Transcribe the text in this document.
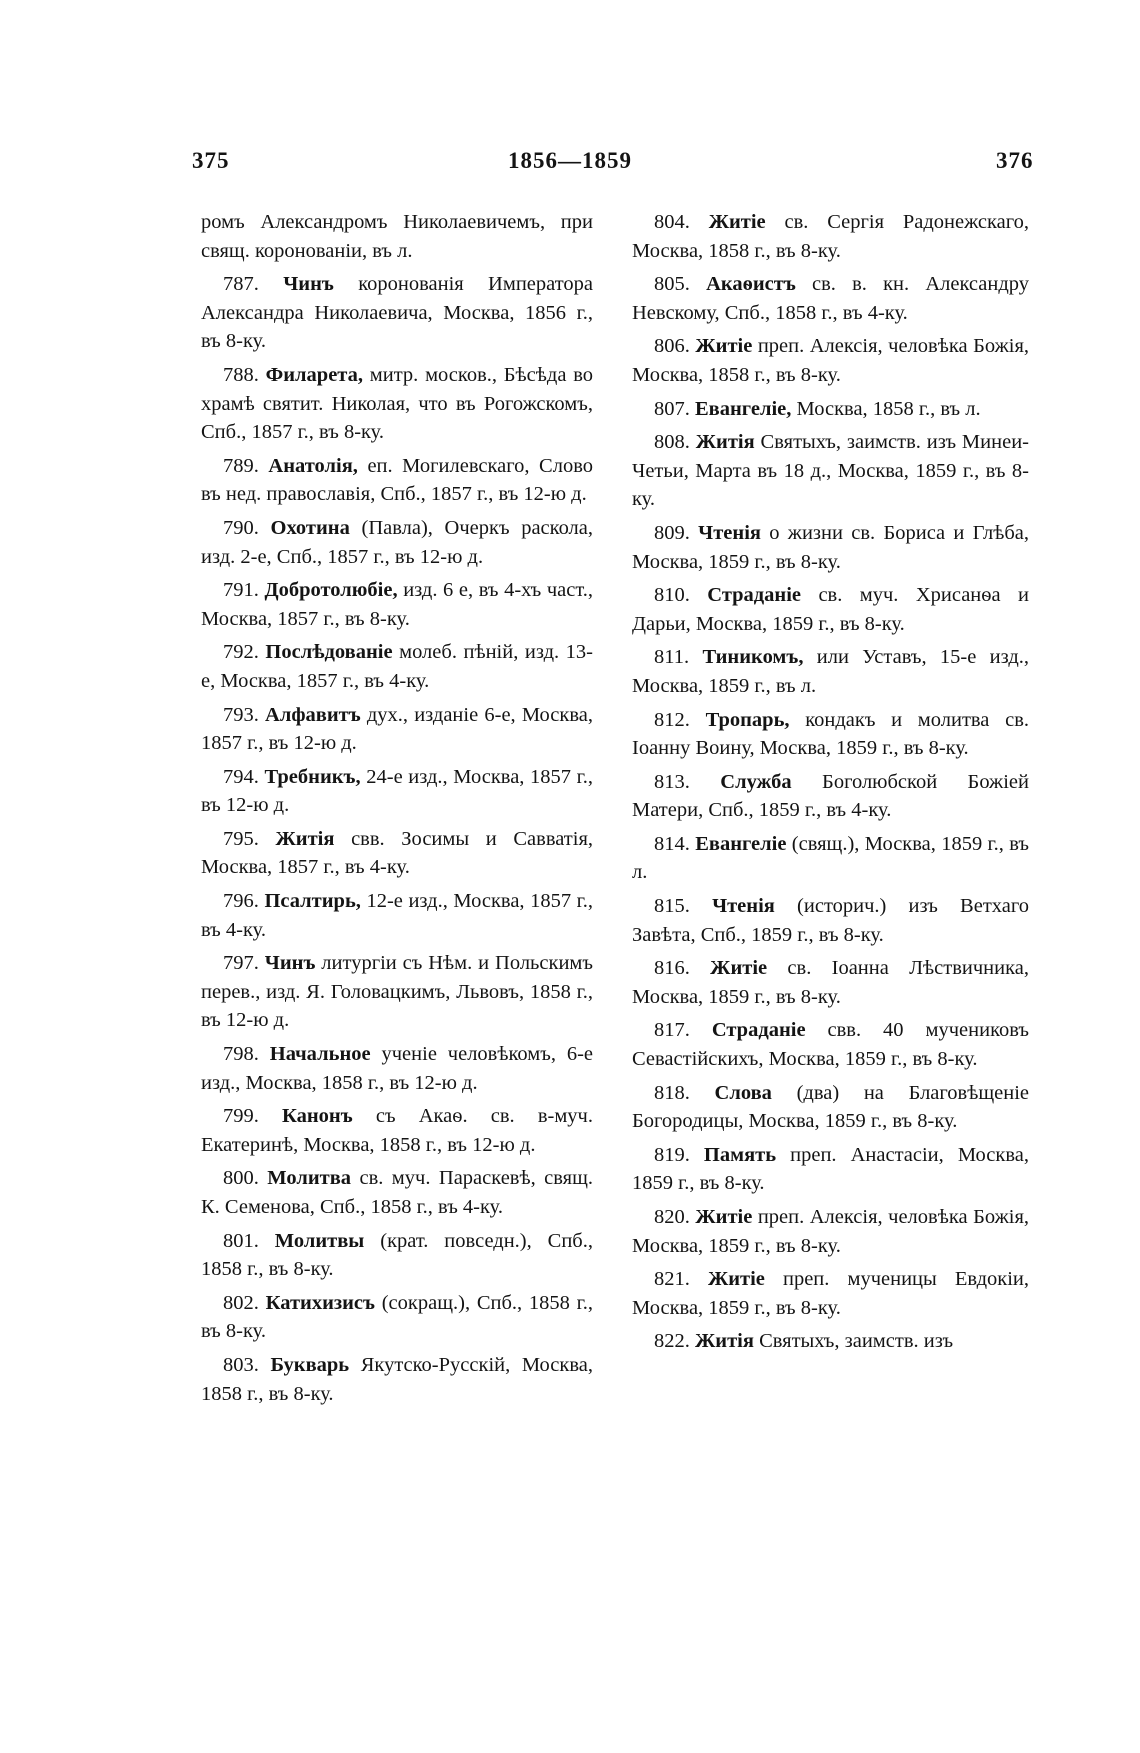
375	1856—1859	376

ромъ Александромъ Николаевичемъ, при свящ. коронованіи, въ л.

787. Чинъ коронованія Императора Александра Николаевича, Москва, 1856 г., въ 8-ку.

788. Филарета, митр. москов., Бѣсѣда во храмѣ святит. Николая, что въ Рогожскомъ, Спб., 1857 г., въ 8-ку.

789. Анатолія, еп. Могилевскаго, Слово въ нед. православія, Спб., 1857 г., въ 12-ю д.

790. Охотина (Павла), Очеркъ раскола, изд. 2-е, Спб., 1857 г., въ 12-ю д.

791. Добротолюбіе, изд. 6 е, въ 4-хъ част., Москва, 1857 г., въ 8-ку.

792. Послѣдованіе молеб. пѣній, изд. 13-е, Москва, 1857 г., въ 4-ку.

793. Алфавитъ дух., изданіе 6-е, Москва, 1857 г., въ 12-ю д.

794. Требникъ, 24-е изд., Москва, 1857 г., въ 12-ю д.

795. Житія свв. Зосимы и Савватія, Москва, 1857 г., въ 4-ку.

796. Псалтирь, 12-е изд., Москва, 1857 г., въ 4-ку.

797. Чинъ литургіи съ Нѣм. и Польскимъ перев., изд. Я. Головацкимъ, Львовъ, 1858 г., въ 12-ю д.

798. Начальное ученіе человѣкомъ, 6-е изд., Москва, 1858 г., въ 12-ю д.

799. Канонъ съ Акаѳ. св. в-муч. Екатеринѣ, Москва, 1858 г., въ 12-ю д.

800. Молитва св. муч. Параскевѣ, свящ. К. Семенова, Спб., 1858 г., въ 4-ку.

801. Молитвы (крат. повседн.), Спб., 1858 г., въ 8-ку.

802. Катихизисъ (сокращ.), Спб., 1858 г., въ 8-ку.

803. Букварь Якутско-Русскій, Москва, 1858 г., въ 8-ку.

804. Житіе св. Сергія Радонежскаго, Москва, 1858 г., въ 8-ку.

805. Акаѳистъ св. в. кн. Александру Невскому, Спб., 1858 г., въ 4-ку.

806. Житіе преп. Алексія, человѣка Божія, Москва, 1858 г., въ 8-ку.

807. Евангеліе, Москва, 1858 г., въ л.

808. Житія Святыхъ, заимств. изъ Минеи-Четьи, Марта въ 18 д., Москва, 1859 г., въ 8-ку.

809. Чтенія о жизни св. Бориса и Глѣба, Москва, 1859 г., въ 8-ку.

810. Страданіе св. муч. Хрисанѳа и Дарьи, Москва, 1859 г., въ 8-ку.

811. Тиникомъ, или Уставъ, 15-е изд., Москва, 1859 г., въ л.

812. Тропарь, кондакъ и молитва св. Іоанну Воину, Москва, 1859 г., въ 8-ку.

813. Служба Боголюбской Божіей Матери, Спб., 1859 г., въ 4-ку.

814. Евангеліе (свящ.), Москва, 1859 г., въ л.

815. Чтенія (историч.) изъ Ветхаго Завѣта, Спб., 1859 г., въ 8-ку.

816. Житіе св. Іоанна Лѣствичника, Москва, 1859 г., въ 8-ку.

817. Страданіе свв. 40 мучениковъ Севастійскихъ, Москва, 1859 г., въ 8-ку.

818. Слова (два) на Благовѣщеніе Богородицы, Москва, 1859 г., въ 8-ку.

819. Память преп. Анастасіи, Москва, 1859 г., въ 8-ку.

820. Житіе преп. Алексія, человѣка Божія, Москва, 1859 г., въ 8-ку.

821. Житіе преп. мученицы Евдокіи, Москва, 1859 г., въ 8-ку.

822. Житія Святыхъ, заимств. изъ
